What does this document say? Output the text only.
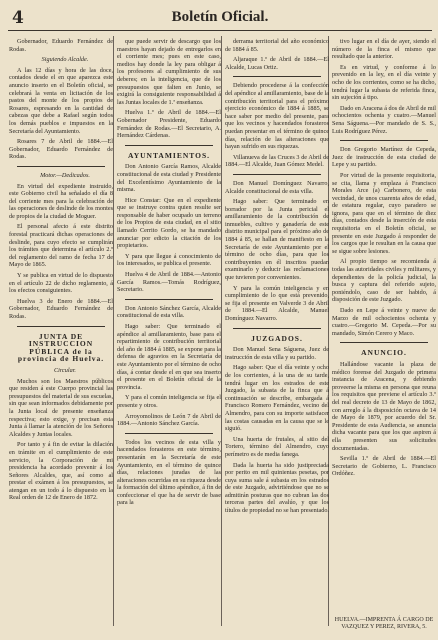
4	Boletín Oficial.

Gobernador, Eduardo Fernández de Rodas.

Siguiendo Alcalde.

A las 12 días y hora de las doce, contados desde el en que aparezca este anuncio inserto en el Boletín oficial, se celebrará la venta en licitación de los pastos del monte de los propios de Rosares, espresando en la cantidad de cabezas que debe a Rafael según todos los demás pueblos e impuestos en la Secretaría del Ayuntamiento.

Rosares 7 de Abril de 1884.—El Gobernador, Eduardo Fernández de Rodas.

Motor.—Dedicados.

En virtud del expediente instruido, este Gobierno civil ha señalado el día 8 del corriente mes para la celebración de las operaciones de deslinde de los montes de propios de la ciudad de Moguer.

El personal afecto á este distrito forestal practicará dichas operaciones de deslinde, para cuyo efecto se cumplirán los trámites que determina el artículo 2.º del reglamento del ramo de fecha 17 de Mayo de 1865.

Y se publica en virtud de lo dispuesto en el artículo 22 de dicho reglamento, á los efectos consiguientes.

Huelva 3 de Enero de 1884.—El Gobernador, Eduardo Fernández de Rodas.

JUNTA DE INSTRUCCION PÚBLICA de la provincia de Huelva.

Circular.

Muchos son los Maestros públicos que residen á este Cuerpo provincial las presupuestos del material de sus escuelas, sin que sean informados debidamente por la Junta local de presente enseñanza respectiva; esto exige, y precisan esta Junta á llamar la atención de los Señores Alcaldes y Juntas locales.

Por tanto y á fin de evitar la dilación en trámite en el cumplimiento de este servicio, la Corporación de mi presidencia ha acordado prevenir á los Señores Alcaldes, que, así como al prestar el exámen á los presupuestos, se atengan en un todo á lo dispuesto en la Real orden de 12 de Enero de 1872.

que puede servir de descargo que los maestros hayan dejado de entregarlos en el corriente mes; pues en este caso, medios hay donde la ley para obligar á los profesores al cumplimiento de sus deberes; en la inteligencia, que de los presupuestos que falten en Junio, se exigirá la consiguiente responsabilidad á las Juntas locales de 1.ª enseñanza.

Huelva 1.º de Abril de 1884.—El Gobernador Presidente, Eduardo Fernández de Rodas.—El Secretario, A. Hernández Cárdenas.

AYUNTAMIENTOS.

Don Antonio García Ramos, Alcalde constitucional de esta ciudad y Presidente del Excelentísimo Ayuntamiento de la misma.

Hice Constar: Que en el expediente que se instruye contra quien resulte ser responsable de haber ocupado un terreno de los Propios de esta ciudad, en el sitio llamado Cerrito Gordo, se ha mandado anunciar por edicto la citación de los propietarios.

Y para que llegue á conocimiento de los interesados, se publica el presente.

Huelva 4 de Abril de 1884.—Antonio García Ramos.—Tomás Rodríguez, Secretario.

Don Antonio Sánchez García, Alcalde constitucional de esta villa.

Hago saber: Que terminado el apéndice al amillaramiento, base para el repartimiento de contribución territorial del año de 1884 á 1885, se expone para la defensa de agravios en la Secretaría de este Ayuntamiento por el término de ocho días, á contar desde el en que sea inserto el presente en el Boletín oficial de la provincia.

Y para el común inteligencia se fija el presente y otros.

Arroyomolinos de León 7 de Abril de 1884.—Antonio Sánchez García.

Todos los vecinos de esta villa y hacendados forasteros en este término, presentarán en la Secretaría de este Ayuntamiento, en el término de quince días, relaciones juradas de las alteraciones ocurridas en su riqueza desde la formación del último apéndice, á fin de confeccionar el que ha de servir de base para la

derrama territorial del año económico de 1884 á 85.

Aljaraque 1.º de Abril de 1884.—El Alcalde, Lucas Ortiz.

Debiendo procederse á la confección del apéndice al amillaramiento, base de la contribución territorial para el próximo ejercicio económico de 1884 á 1885, se hace saber por medio del presente, para que los vecinos y hacendados forasteros puedan presentar en el término de quince días, relación de las alteraciones que hayan sufrido en sus riquezas.

Villanueva de las Cruces 3 de Abril de 1884.—El Alcalde, Juan Gómez Medel.

Don Manuel Domínguez Navarro, Alcalde constitucional de esta villa.

Hago saber: Que terminado en borrador por la Junta pericial el amillaramiento de la contribución de inmuebles, cultivo y ganadería de este distrito municipal para el próximo año de 1884 á 85, se hallan de manifiesto en la Secretaría de este Ayuntamiento por el término de ocho días, para que los contribuyentes en él inscritos puedan examinarlo y deducir las reclamaciones que tuvieren por convenientes.

Y para la común inteligencia y en cumplimiento de lo que está prevenido, se fija el presente en Valverde 3 de Abril de 1884.—El Alcalde, Manuel Domínguez Navarro.

JUZGADOS.

Don Manuel Sena Ságuena, Juez de instrucción de esta villa y su partido.

Hago saber: Que el día veinte y ocho de los corrientes, á la una de su tarde, tendrá lugar en los estrados de este Juzgado, la subasta de la finca que á continuación se describe, embargada á Francisco Romero Fernández, vecino del Almendro, para con su importe satisfacer las costas causadas en la causa que se le siguió.

Una huerta de frutales, al sitio del Tortero, término del Almendro, cuyo perímetro es de media fanega.

Dada la huerta ha sido justipreciada por perito en mil quinientas pesetas, por cuya suma sale á subasta en los estrados de este Juzgado, advirtiéndose que no se admitirán posturas que no cubran las dos terceras partes del avalúo, y que los títulos de propiedad no se han presentado.

tivo lugar en el día de ayer, siendo el número de la finca el mismo que resultado que la anterior.

Es en virtud, y conforme á lo prevenido en la ley, en el día veinte y ocho de los corrientes, como se ha dicho, tendrá lugar la subasta de referida finca, sin sujeción á tipo.

Dado en Aracena á dos de Abril de mil ochocientos ochenta y cuatro.—Manuel Sena Ságuena.—Por mandado de S. S., Luis Rodríguez Pérez.

Don Gregorio Martínez de Cepeda, Juez de instrucción de esta ciudad de Lepe y su partido.

Por virtud de la presente requisitoria, se cita, llama y emplaza á Francisco Morales Arce (a) Carbonero, de esta vecindad, de unos cuarenta años de edad, de estatura regular, cuyo paradero se ignora, para que en el término de diez días, contados desde la inserción de esta requisitoria en el Boletín oficial, se presente en este Juzgado á responder de los cargos que le resultan en la causa que se sigue sobre lesiones.

Al propio tiempo se recomienda á todas las autoridades civiles y militares, y dependientes de la policía judicial, la busca y captura del referido sujeto, poniéndolo, caso de ser habido, á disposición de este Juzgado.

Dado en Lepe á veinte y nueve de Marzo de mil ochocientos ochenta y cuatro.—Gregorio M. Cepeda.—Por su mandado, Simón Cerero y Maco.

ANUNCIO.

Hallándose vacante la plaza de médico forense del Juzgado de primera instancia de Aracena, y debiendo proveerse la misma en persona que reuna los requisitos que previene el artículo 3.º del real decreto de 13 de Mayo de 1862, con arreglo á la disposición octava de 14 de Mayo de 1879, por acuerdo del Sr. Presidente de esta Audiencia, se anuncia dicha vacante para que los que aspiren á ella presenten sus solicitudes documentadas.

Sevilla 1.º de Abril de 1884.—El Secretario de Gobierno, L. Francisco Ordóñez.

HUELVA.—IMPRENTA Á CARGO DE VAZQUEZ Y PEREZ, RIVERA, 5.
